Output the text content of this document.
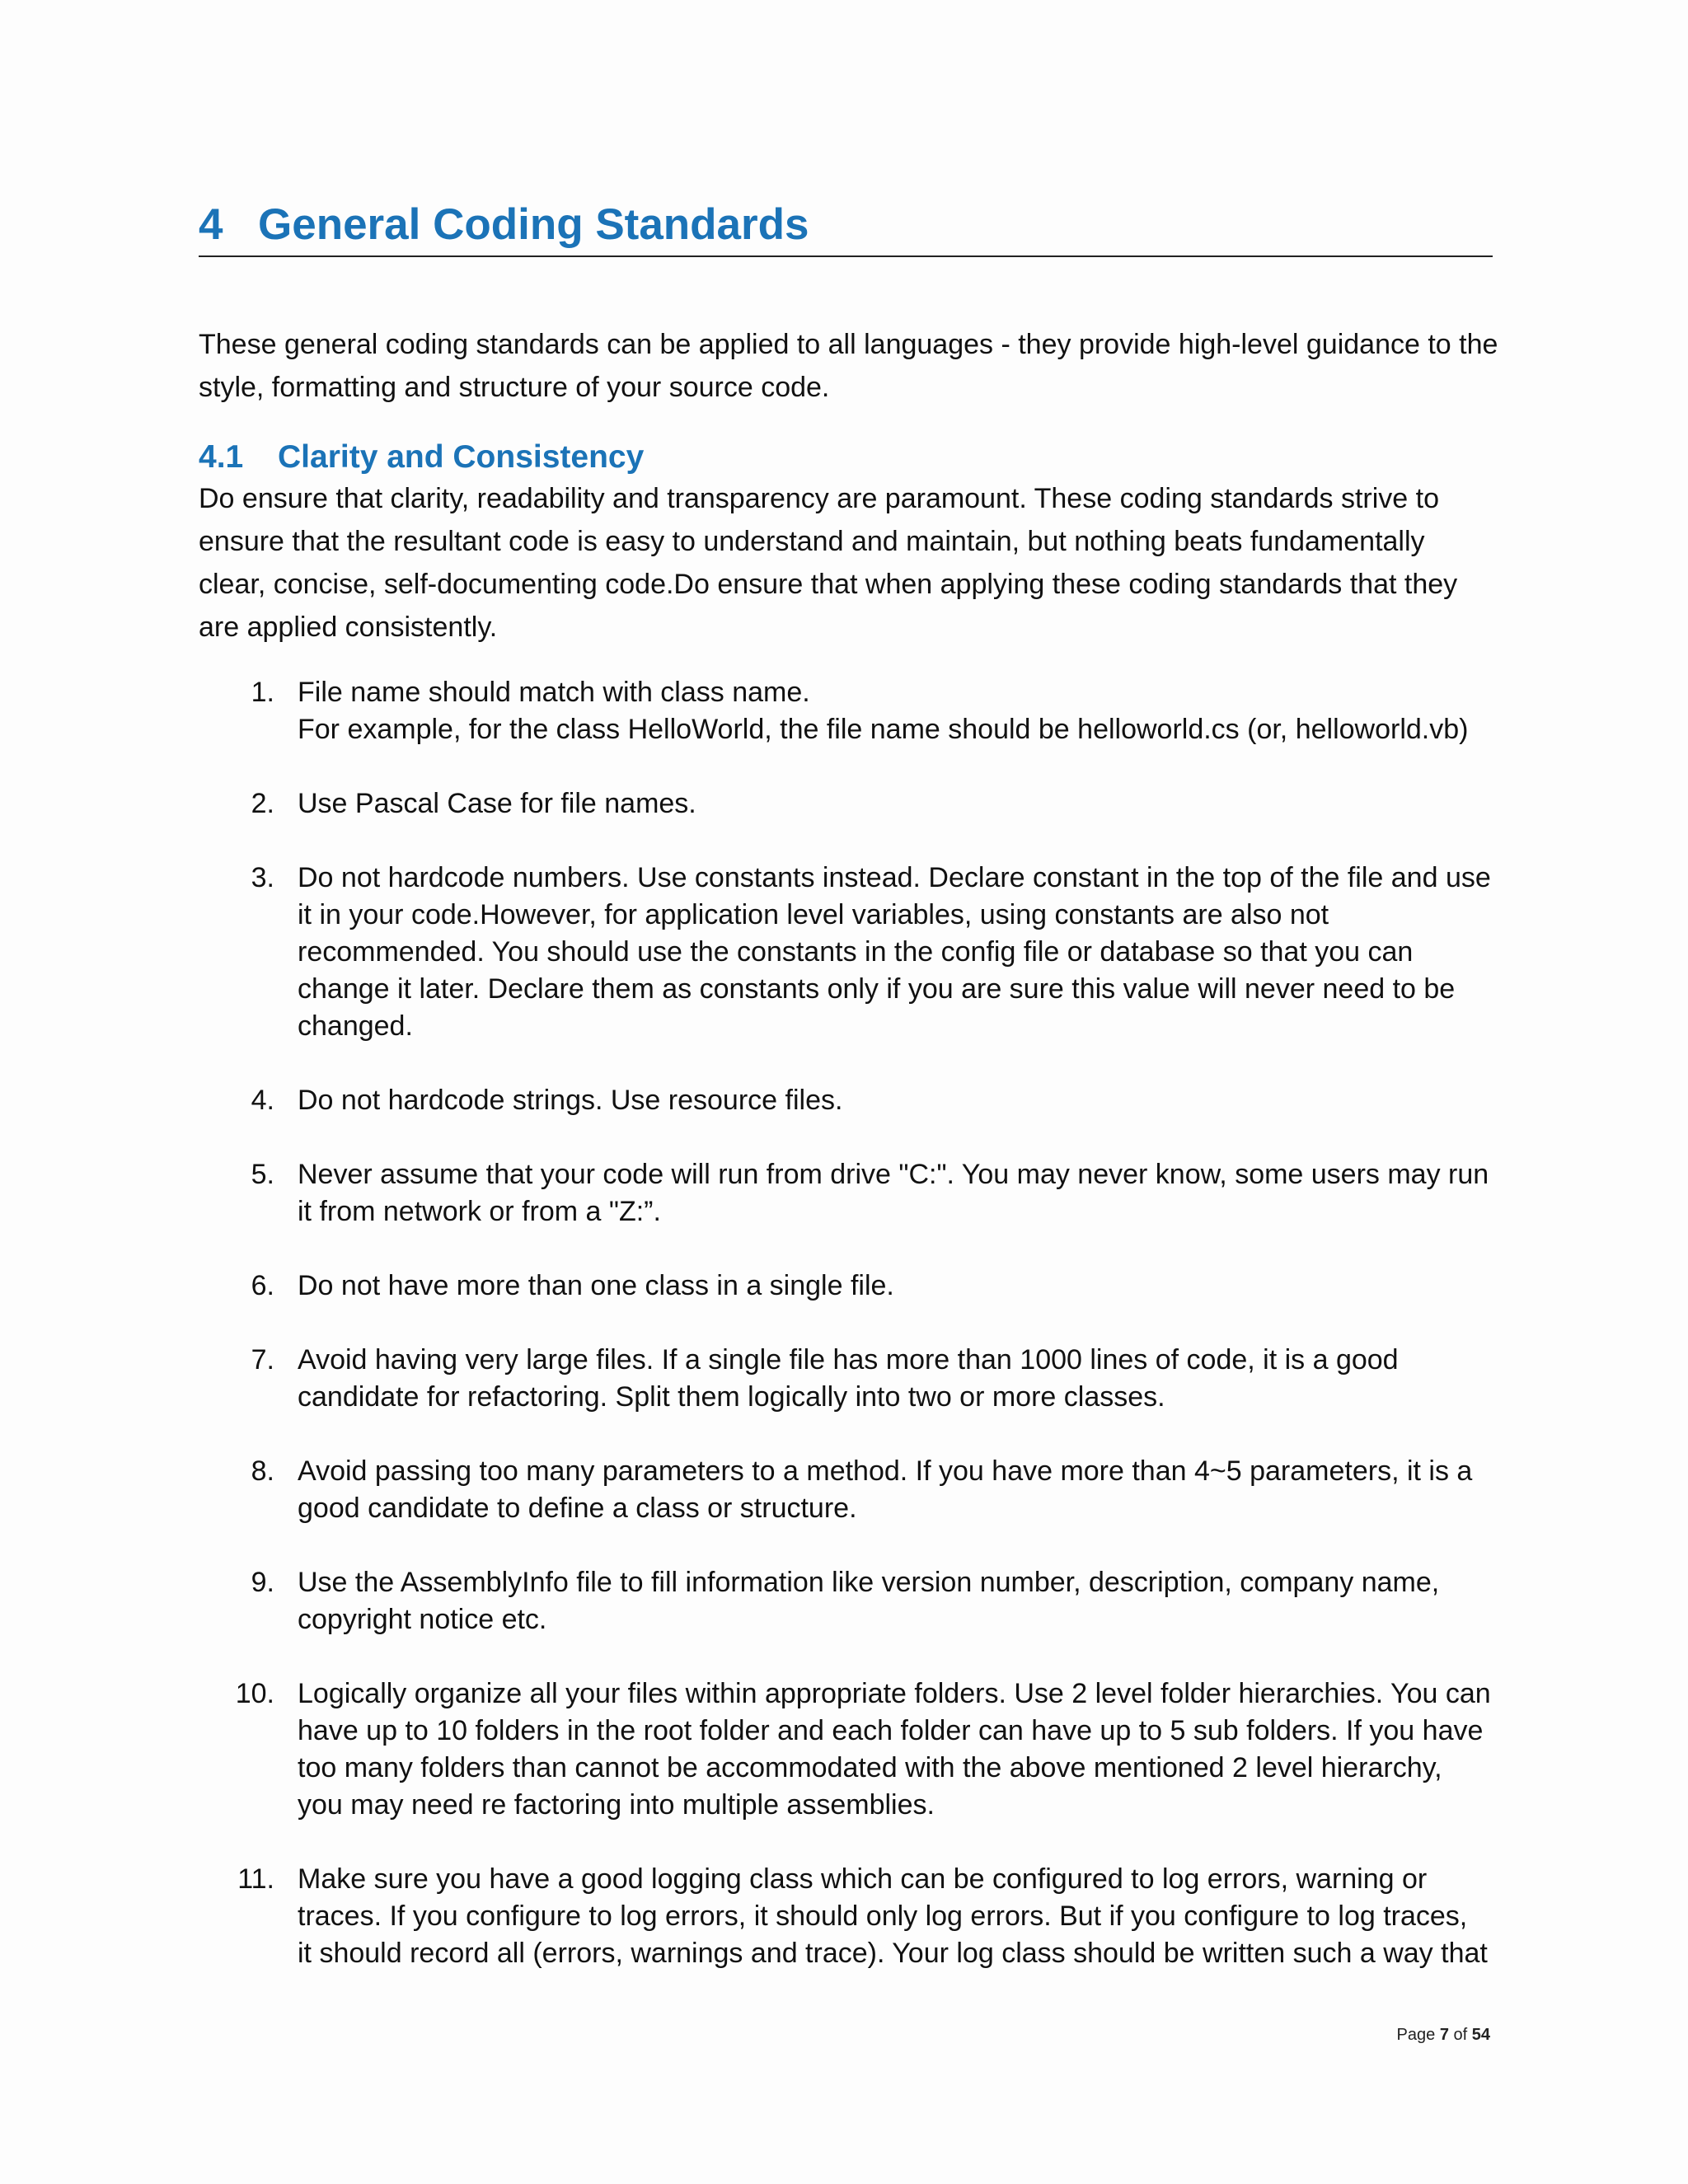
4 General Coding Standards
These general coding standards can be applied to all languages - they provide high-level guidance to the
style, formatting and structure of your source code.
4.1 Clarity and Consistency
Do ensure that clarity, readability and transparency are paramount. These coding standards strive to
ensure that the resultant code is easy to understand and maintain, but nothing beats fundamentally
clear, concise, self-documenting code.Do ensure that when applying these coding standards that they
are applied consistently.
1. File name should match with class name.
For example, for the class HelloWorld, the file name should be helloworld.cs (or, helloworld.vb)
2. Use Pascal Case for file names.
3. Do not hardcode numbers. Use constants instead. Declare constant in the top of the file and use
it in your code.However, for application level variables, using constants are also not
recommended. You should use the constants in the config file or database so that you can
change it later. Declare them as constants only if you are sure this value will never need to be
changed.
4. Do not hardcode strings. Use resource files.
5. Never assume that your code will run from drive "C:". You may never know, some users may run
it from network or from a "Z:”.
6. Do not have more than one class in a single file.
7. Avoid having very large files. If a single file has more than 1000 lines of code, it is a good
candidate for refactoring. Split them logically into two or more classes.
8. Avoid passing too many parameters to a method. If you have more than 4~5 parameters, it is a
good candidate to define a class or structure.
9. Use the AssemblyInfo file to fill information like version number, description, company name,
copyright notice etc.
10. Logically organize all your files within appropriate folders. Use 2 level folder hierarchies. You can
have up to 10 folders in the root folder and each folder can have up to 5 sub folders. If you have
too many folders than cannot be accommodated with the above mentioned 2 level hierarchy,
you may need re factoring into multiple assemblies.
11. Make sure you have a good logging class which can be configured to log errors, warning or
traces. If you configure to log errors, it should only log errors. But if you configure to log traces,
it should record all (errors, warnings and trace). Your log class should be written such a way that
Page 7 of 54
